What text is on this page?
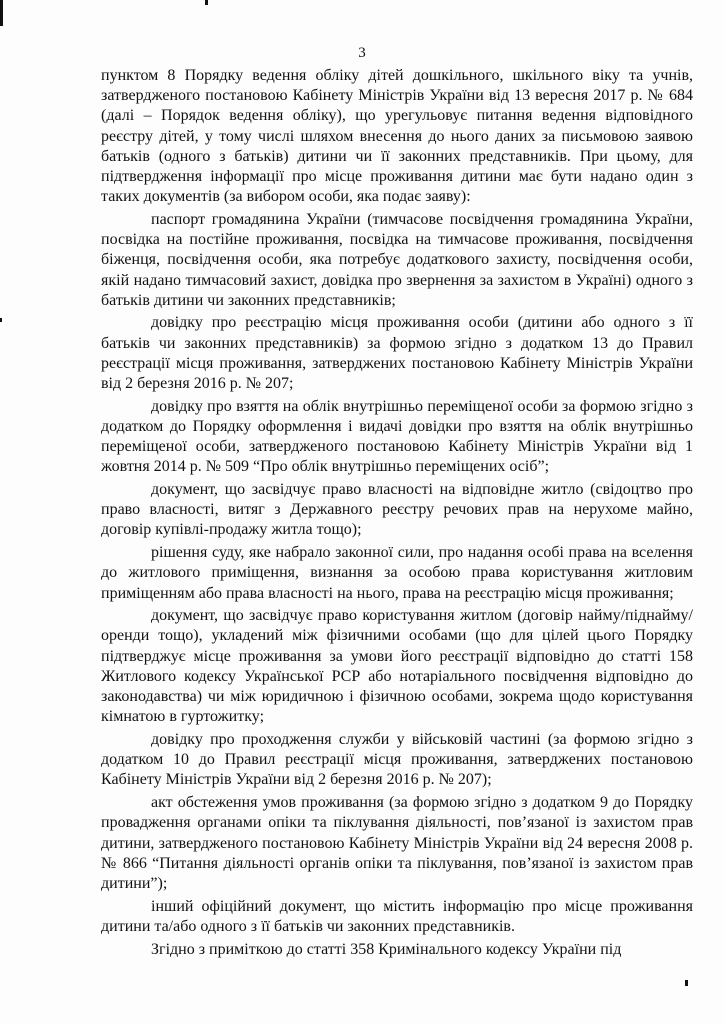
3

пунктом 8 Порядку ведення обліку дітей дошкільного, шкільного віку та учнів, затвердженого постановою Кабінету Міністрів України від 13 вересня 2017 р. № 684 (далі – Порядок ведення обліку), що урегульовує питання ведення відповідного реєстру дітей, у тому числі шляхом внесення до нього даних за письмовою заявою батьків (одного з батьків) дитини чи її законних представників. При цьому, для підтвердження інформації про місце проживання дитини має бути надано один з таких документів (за вибором особи, яка подає заяву):

паспорт громадянина України (тимчасове посвідчення громадянина України, посвідка на постійне проживання, посвідка на тимчасове проживання, посвідчення біженця, посвідчення особи, яка потребує додаткового захисту, посвідчення особи, якій надано тимчасовий захист, довідка про звернення за захистом в Україні) одного з батьків дитини чи законних представників;

довідку про реєстрацію місця проживання особи (дитини або одного з її батьків чи законних представників) за формою згідно з додатком 13 до Правил реєстрації місця проживання, затверджених постановою Кабінету Міністрів України від 2 березня 2016 р. № 207;

довідку про взяття на облік внутрішньо переміщеної особи за формою згідно з додатком до Порядку оформлення і видачі довідки про взяття на облік внутрішньо переміщеної особи, затвердженого постановою Кабінету Міністрів України від 1 жовтня 2014 р. № 509 “Про облік внутрішньо переміщених осіб”;

документ, що засвідчує право власності на відповідне житло (свідоцтво про право власності, витяг з Державного реєстру речових прав на нерухоме майно, договір купівлі-продажу житла тощо);

рішення суду, яке набрало законної сили, про надання особі права на вселення до житлового приміщення, визнання за особою права користування житловим приміщенням або права власності на нього, права на реєстрацію місця проживання;

документ, що засвідчує право користування житлом (договір найму/піднайму/оренди тощо), укладений між фізичними особами (що для цілей цього Порядку підтверджує місце проживання за умови його реєстрації відповідно до статті 158 Житлового кодексу Української РСР або нотаріального посвідчення відповідно до законодавства) чи між юридичною і фізичною особами, зокрема щодо користування кімнатою в гуртожитку;

довідку про проходження служби у військовій частині (за формою згідно з додатком 10 до Правил реєстрації місця проживання, затверджених постановою Кабінету Міністрів України від 2 березня 2016 р. № 207);

акт обстеження умов проживання (за формою згідно з додатком 9 до Порядку провадження органами опіки та піклування діяльності, пов’язаної із захистом прав дитини, затвердженого постановою Кабінету Міністрів України від 24 вересня 2008 р. № 866 “Питання діяльності органів опіки та піклування, пов’язаної із захистом прав дитини”);

інший офіційний документ, що містить інформацію про місце проживання дитини та/або одного з її батьків чи законних представників.

Згідно з приміткою до статті 358 Кримінального кодексу України під
